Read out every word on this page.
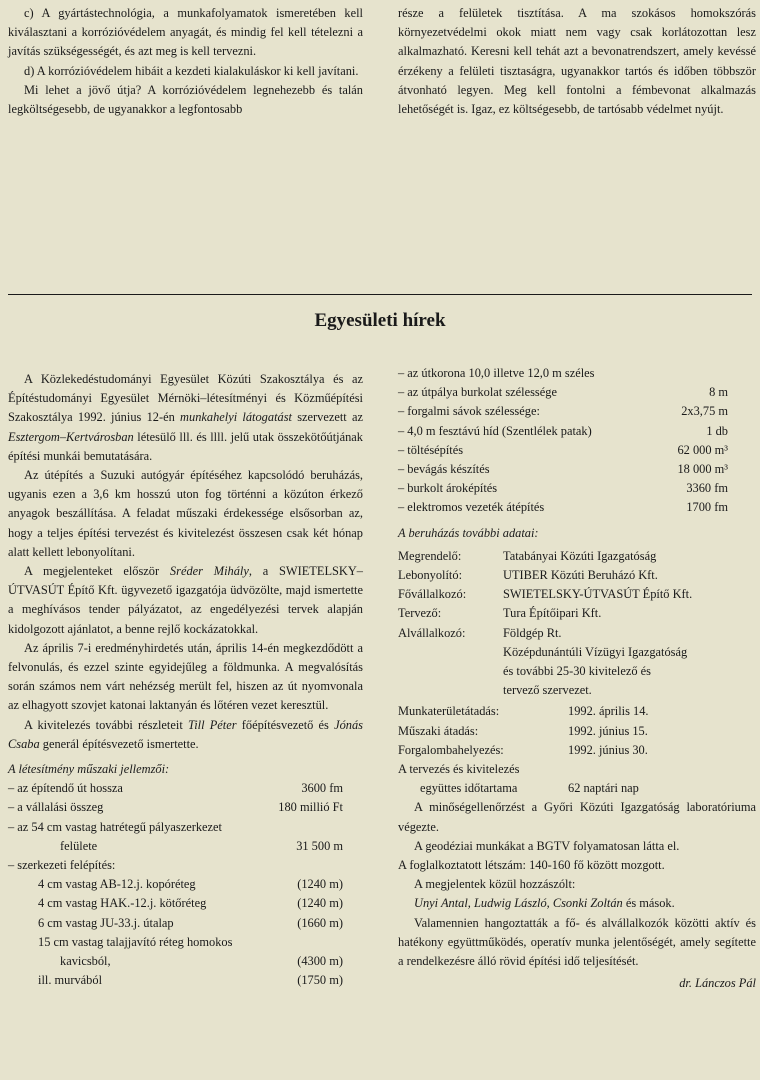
c) A gyártástechnológia, a munkafolyamatok ismeretében kell kiválasztani a korrózióvédelem anyagát, és mindig fel kell tételezni a javítás szükségességét, és azt meg is kell tervezni.

d) A korrózióvédelem hibáit a kezdeti kialakuláskor ki kell javítani.

Mi lehet a jövő útja? A korrózióvédelem legnehezebb és talán legköltségesebb, de ugyanakkor a legfontosabb

része a felületek tisztítása. A ma szokásos homokszórás környezetvédelmi okok miatt nem vagy csak korlátozottan lesz alkalmazható. Keresni kell tehát azt a bevonatrendszert, amely kevéssé érzékeny a felületi tisztaságra, ugyanakkor tartós és időben többször átvonható legyen. Meg kell fontolni a fémbevonat alkalmazás lehetőségét is. Igaz, ez költségesebb, de tartósabb védelmet nyújt.

Egyesületi hírek

A Közlekedéstudományi Egyesület Közúti Szakosztálya és az Építéstudományi Egyesület Mérnöki–létesítményi és Közműépítési Szakosztálya 1992. június 12-én munkahelyi látogatást szervezett az Esztergom–Kertvárosban létesülő lll. és llll. jelű utak összekötőútjának építési munkái bemutatására.

Az útépítés a Suzuki autógyár építéséhez kapcsolódó beruházás, ugyanis ezen a 3,6 km hosszú uton fog történni a közúton érkező anyagok beszállítása. A feladat műszaki érdekessége elsősorban az, hogy a teljes építési tervezést és kivitelezést összesen csak két hónap alatt kellett lebonyolítani.

A megjelenteket először Sréder Mihály, a SWIETELSKY–ÚTVASÚT Építő Kft. ügyvezető igazgatója üdvözölte, majd ismertette a meghívásos tender pályázatot, az engedélyezési tervek alapján kidolgozott ajánlatot, a benne rejlő kockázatokkal.

Az április 7-i eredményhirdetés után, április 14-én megkezdődött a felvonulás, és ezzel szinte egyidejűleg a földmunka. A megvalósítás során számos nem várt nehézség merült fel, hiszen az út nyomvonala az elhagyott szovjet katonai laktanyán és lőtéren vezet keresztül.

A kivitelezés további részleteit Till Péter főépítésvezető és Jónás Csaba generál építésvezető ismertette.

A létesítmény műszaki jellemzői:
– az építendő út hossza	3600 fm
– a vállalási összeg	180 millió Ft
– az 54 cm vastag hatrétegű pályaszerkezet
felülete	31 500 m
– szerkezeti felépítés:
4 cm vastag AB-12.j. kopóréteg	(1240 m)
4 cm vastag HAK.-12.j. kötőréteg	(1240 m)
6 cm vastag JU-33.j. útalap	(1660 m)
15 cm vastag talajjavító réteg homokos
kavicsból,	(4300 m)
ill. murvából	(1750 m)
– az útkorona 10,0 illetve 12,0 m széles
– az útpálya burkolat szélessége	8 m
– forgalmi sávok szélessége:	2x3,75 m
– 4,0 m fesztávú híd (Szentlélek patak)	1 db
– töltésépítés	62 000 m³
– bevágás készítés	18 000 m³
– burkolt ároképítés	3360 fm
– elektromos vezeték átépítés	1700 fm
A beruházás további adatai:
Megrendelő:	Tatabányai Közúti Igazgatóság
Lebonyolító:	UTIBER Közúti Beruházó Kft.
Fővállalkozó:	SWIETELSKY-ÚTVASÚT Építő Kft.
Tervező:	Tura Építőipari Kft.
Alvállalkozó:	Földgép Rt.
Középdunántúli Vízügyi Igazgatóság
és további 25-30 kivitelező és
tervező szervezet.
Munkaterületátadás:	1992. április 14.
Műszaki átadás:	1992. június 15.
Forgalombahelyezés:	1992. június 30.
A tervezés és kivitelezés
együttes időtartama	62 naptári nap

A minőségellenőrzést a Győri Közúti Igazgatóság laboratóriuma végezte.

A geodéziai munkákat a BGTV folyamatosan látta el.

A foglalkoztatott létszám: 140-160 fő között mozgott.

A megjelentek közül hozzászólt:

Unyi Antal, Ludwig László, Csonki Zoltán és mások.

Valamennien hangoztatták a fő- és alvállalkozók közötti aktív és hatékony együttműködés, operatív munka jelentőségét, amely segítette a rendelkezésre álló rövid építési idő teljesítését.

dr. Lánczos Pál
